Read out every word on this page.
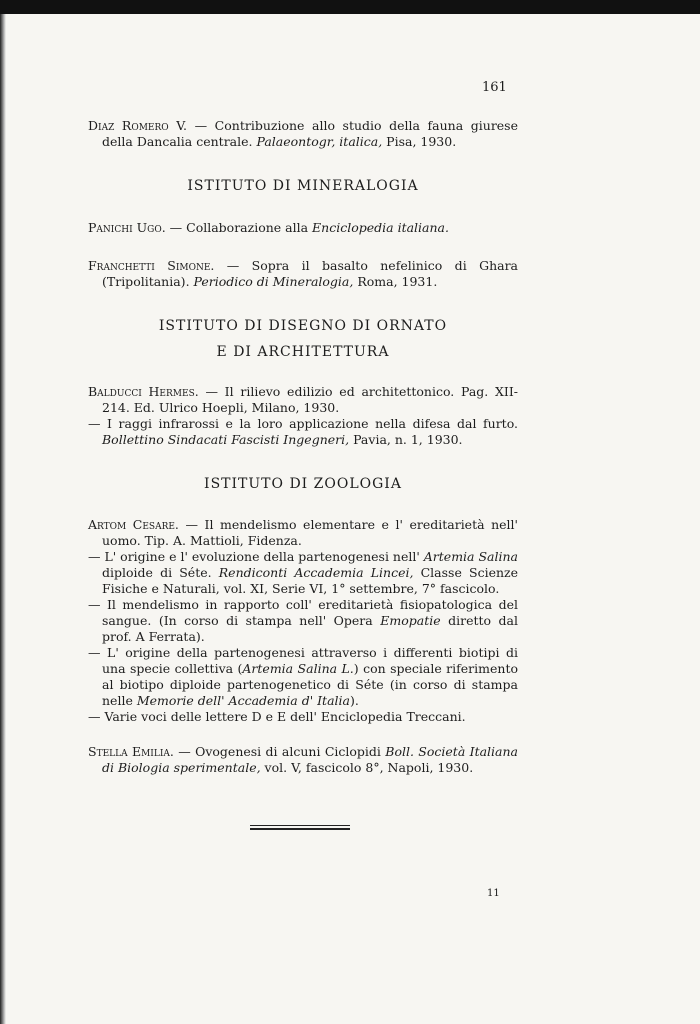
161

Diaz Romero V. — Contribuzione allo studio della fauna giurese della Dancalia centrale. Palaeontogr, italica, Pisa, 1930.

ISTITUTO DI MINERALOGIA

Panichi Ugo. — Collaborazione alla Enciclopedia italiana.

Franchetti Simone. — Sopra il basalto nefelinico di Ghara (Tripolitania). Periodico di Mineralogia, Roma, 1931.

ISTITUTO DI DISEGNO DI ORNATO
E DI ARCHITETTURA

Balducci Hermes. — Il rilievo edilizio ed architettonico. Pag. XII-214. Ed. Ulrico Hoepli, Milano, 1930.

— I raggi infrarossi e la loro applicazione nella difesa dal furto. Bollettino Sindacati Fascisti Ingegneri, Pavia, n. 1, 1930.

ISTITUTO DI ZOOLOGIA

Artom Cesare. — Il mendelismo elementare e l' ereditarietà nell' uomo. Tip. A. Mattioli, Fidenza.

— L' origine e l' evoluzione della partenogenesi nell' Artemia Salina diploide di Séte. Rendiconti Accademia Lincei, Classe Scienze Fisiche e Naturali, vol. XI, Serie VI, 1° settembre, 7° fascicolo.

— Il mendelismo in rapporto coll' ereditarietà fisiopatologica del sangue. (In corso di stampa nell' Opera Emopatie diretto dal prof. A Ferrata).

— L' origine della partenogenesi attraverso i differenti biotipi di una specie collettiva (Artemia Salina L.) con speciale riferimento al biotipo diploide partenogenetico di Séte (in corso di stampa nelle Memorie dell' Accademia d' Italia).

— Varie voci delle lettere D e E dell' Enciclopedia Treccani.

Stella Emilia. — Ovogenesi di alcuni Ciclopidi Boll. Società Italiana di Biologia sperimentale, vol. V, fascicolo 8°, Napoli, 1930.

11
